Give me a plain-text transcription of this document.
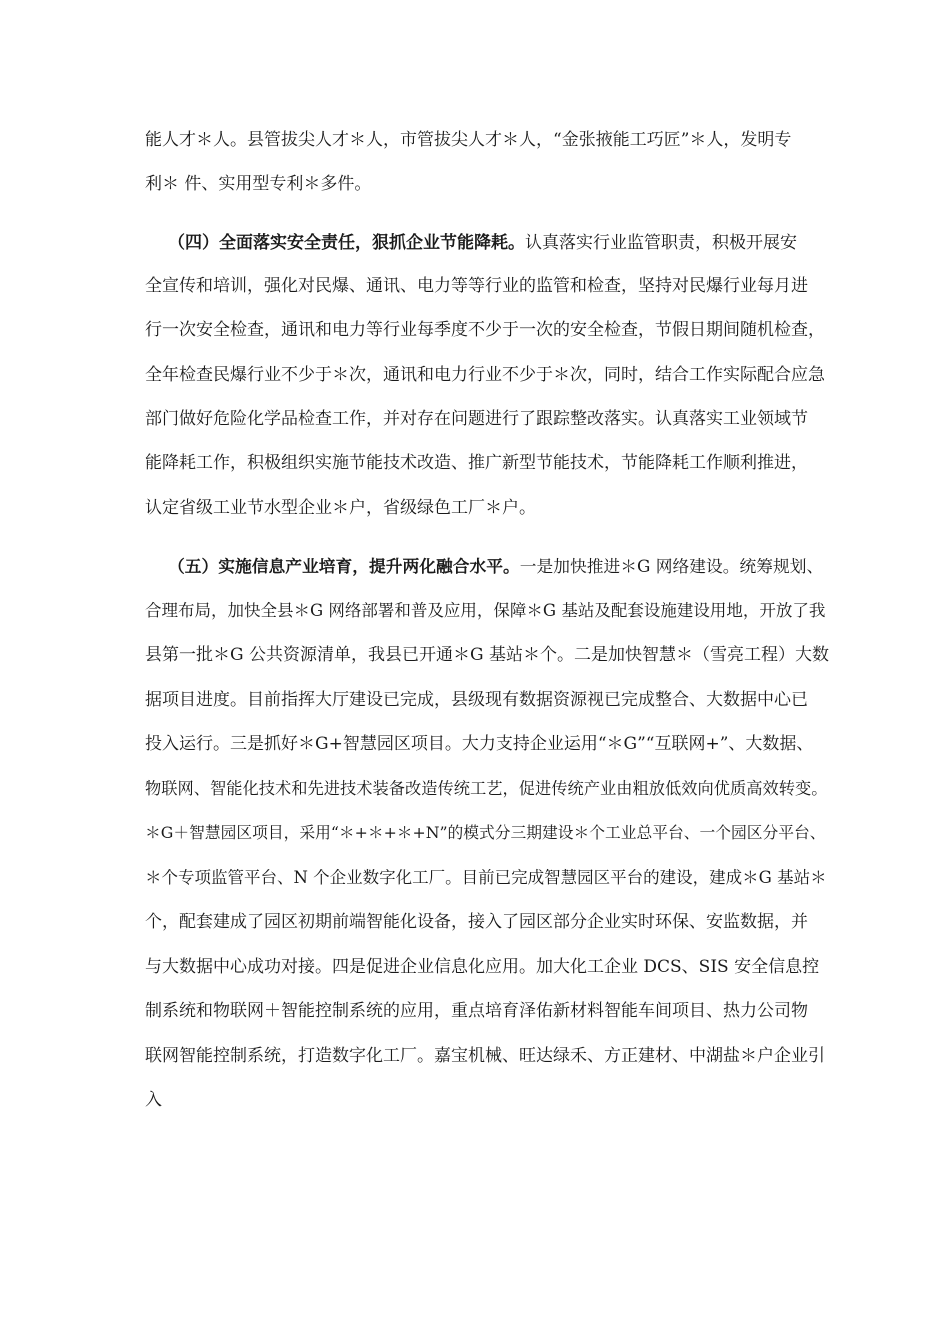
能人才＊人。县管拔尖人才＊人，市管拔尖人才＊人，“金张掖能工巧匠”＊人，发明专
利＊ 件、实用型专利＊多件。
（四）全面落实安全责任，狠抓企业节能降耗。认真落实行业监管职责，积极开展安
全宣传和培训，强化对民爆、通讯、电力等等行业的监管和检查，坚持对民爆行业每月进
行一次安全检查，通讯和电力等行业每季度不少于一次的安全检查，节假日期间随机检查，
全年检查民爆行业不少于＊次，通讯和电力行业不少于＊次，同时，结合工作实际配合应急
部门做好危险化学品检查工作，并对存在问题进行了跟踪整改落实。认真落实工业领域节
能降耗工作，积极组织实施节能技术改造、推广新型节能技术，节能降耗工作顺利推进，
认定省级工业节水型企业＊户，省级绿色工厂＊户。
（五）实施信息产业培育，提升两化融合水平。一是加快推进＊G 网络建设。统筹规划、
合理布局，加快全县＊G 网络部署和普及应用，保障＊G 基站及配套设施建设用地，开放了我
县第一批＊G 公共资源清单，我县已开通＊G 基站＊个。二是加快智慧＊（雪亮工程）大数
据项目进度。目前指挥大厅建设已完成，县级现有数据资源视已完成整合、大数据中心已
投入运行。三是抓好＊G+智慧园区项目。大力支持企业运用“＊G”“互联网+”、大数据、
物联网、智能化技术和先进技术装备改造传统工艺，促进传统产业由粗放低效向优质高效转变。
＊G＋智慧园区项目，采用“＊+＊+＊+N”的模式分三期建设＊个工业总平台、一个园区分平台、
＊个专项监管平台、N 个企业数字化工厂。目前已完成智慧园区平台的建设，建成＊G 基站＊
个，配套建成了园区初期前端智能化设备，接入了园区部分企业实时环保、安监数据，并
与大数据中心成功对接。四是促进企业信息化应用。加大化工企业 DCS、SIS 安全信息控
制系统和物联网＋智能控制系统的应用，重点培育泽佑新材料智能车间项目、热力公司物
联网智能控制系统，打造数字化工厂。嘉宝机械、旺达绿禾、方正建材、中湖盐＊户企业引
入
